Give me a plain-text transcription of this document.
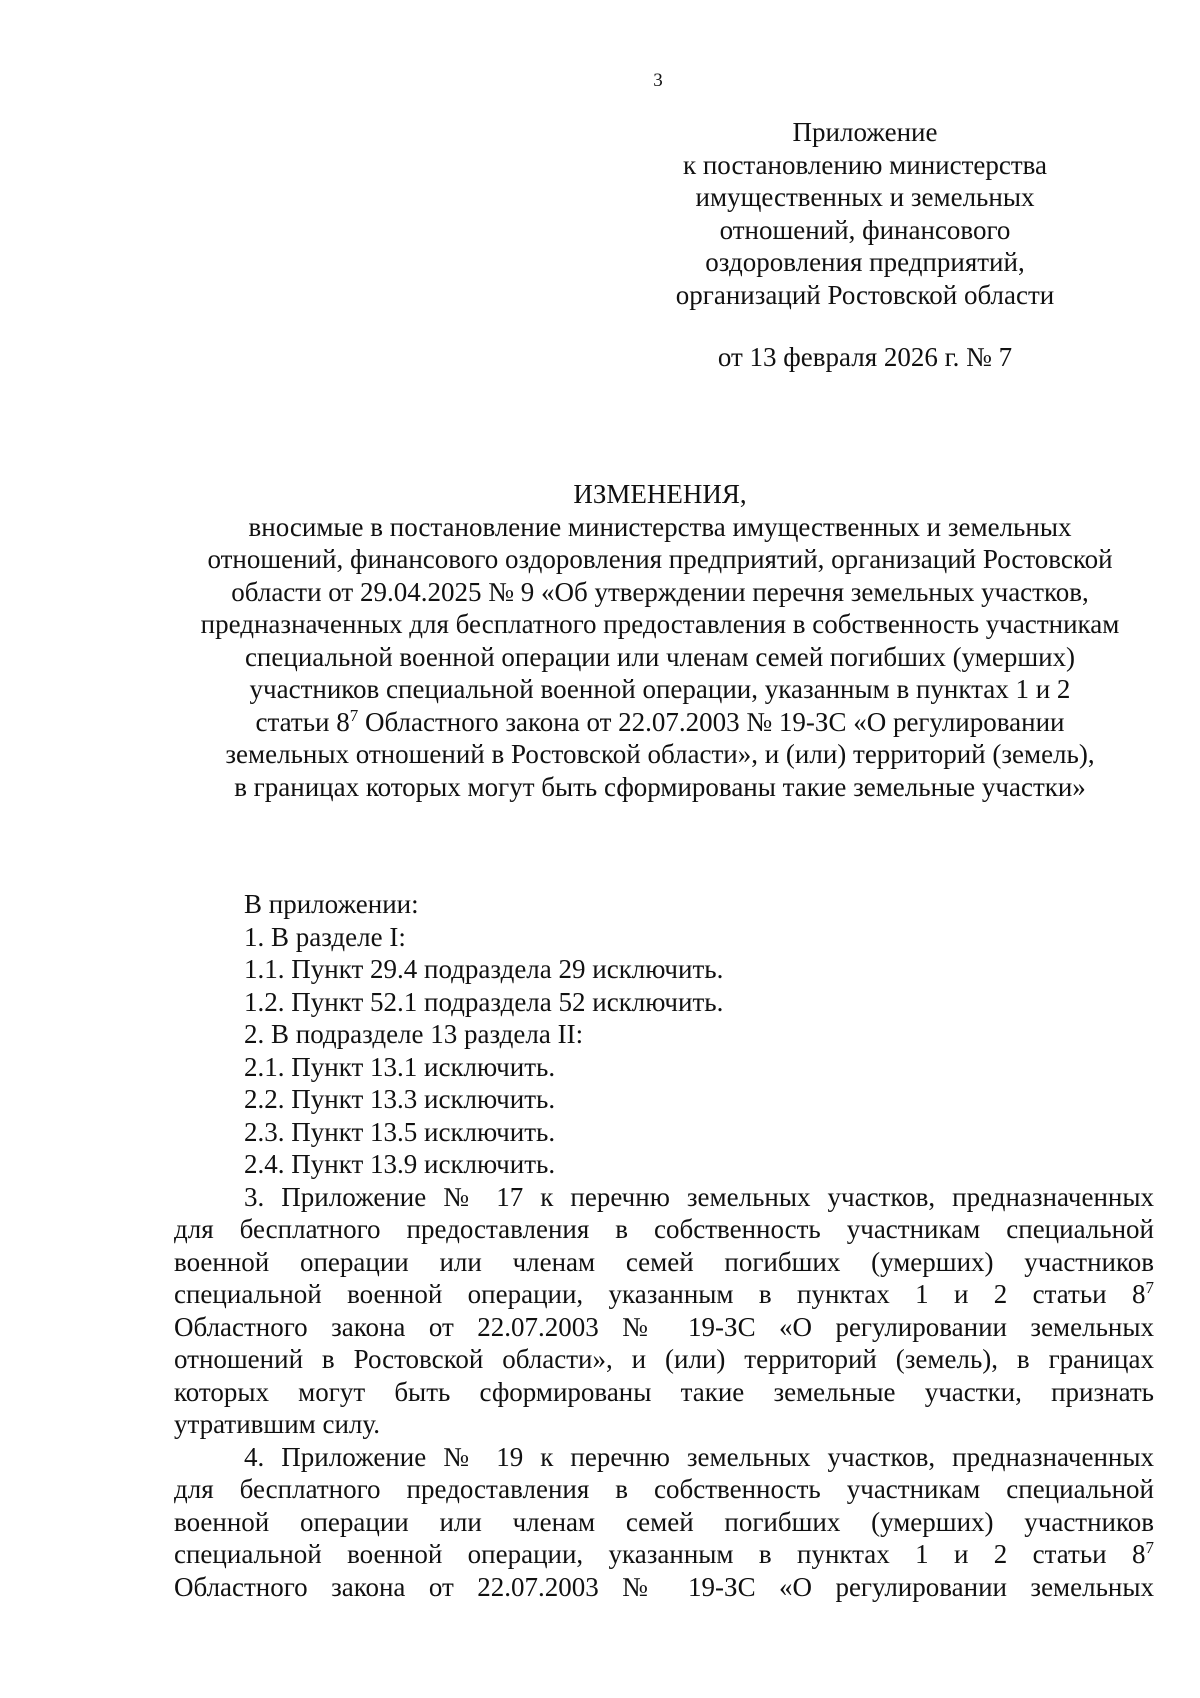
3
Приложение
к постановлению министерства
имущественных и земельных
отношений, финансового
оздоровления предприятий,
организаций Ростовской области
от 13 февраля 2026 г. № 7
ИЗМЕНЕНИЯ,
вносимые в постановление министерства имущественных и земельных
отношений, финансового оздоровления предприятий, организаций Ростовской
области от 29.04.2025 № 9 «Об утверждении перечня земельных участков,
предназначенных для бесплатного предоставления в собственность участникам
специальной военной операции или членам семей погибших (умерших)
участников специальной военной операции, указанным в пунктах 1 и 2
статьи $8^7$ Областного закона от 22.07.2003 № 19-ЗС «О регулировании
земельных отношений в Ростовской области», и (или) территорий (земель),
в границах которых могут быть сформированы такие земельные участки»
В приложении:
1. В разделе I:
1.1. Пункт 29.4 подраздела 29 исключить.
1.2. Пункт 52.1 подраздела 52 исключить.
2. В подразделе 13 раздела II:
2.1. Пункт 13.1 исключить.
2.2. Пункт 13.3 исключить.
2.3. Пункт 13.5 исключить.
2.4. Пункт 13.9 исключить.
3. Приложение № 17 к перечню земельных участков, предназначенных
для бесплатного предоставления в собственность участникам специальной
военной операции или членам семей погибших (умерших) участников
специальной военной операции, указанным в пунктах 1 и 2 статьи $8^7$
Областного закона от 22.07.2003 № 19-ЗС «О регулировании земельных
отношений в Ростовской области», и (или) территорий (земель), в границах
которых могут быть сформированы такие земельные участки, признать
утратившим силу.
4. Приложение № 19 к перечню земельных участков, предназначенных
для бесплатного предоставления в собственность участникам специальной
военной операции или членам семей погибших (умерших) участников
специальной военной операции, указанным в пунктах 1 и 2 статьи $8^7$
Областного закона от 22.07.2003 № 19-ЗС «О регулировании земельных
